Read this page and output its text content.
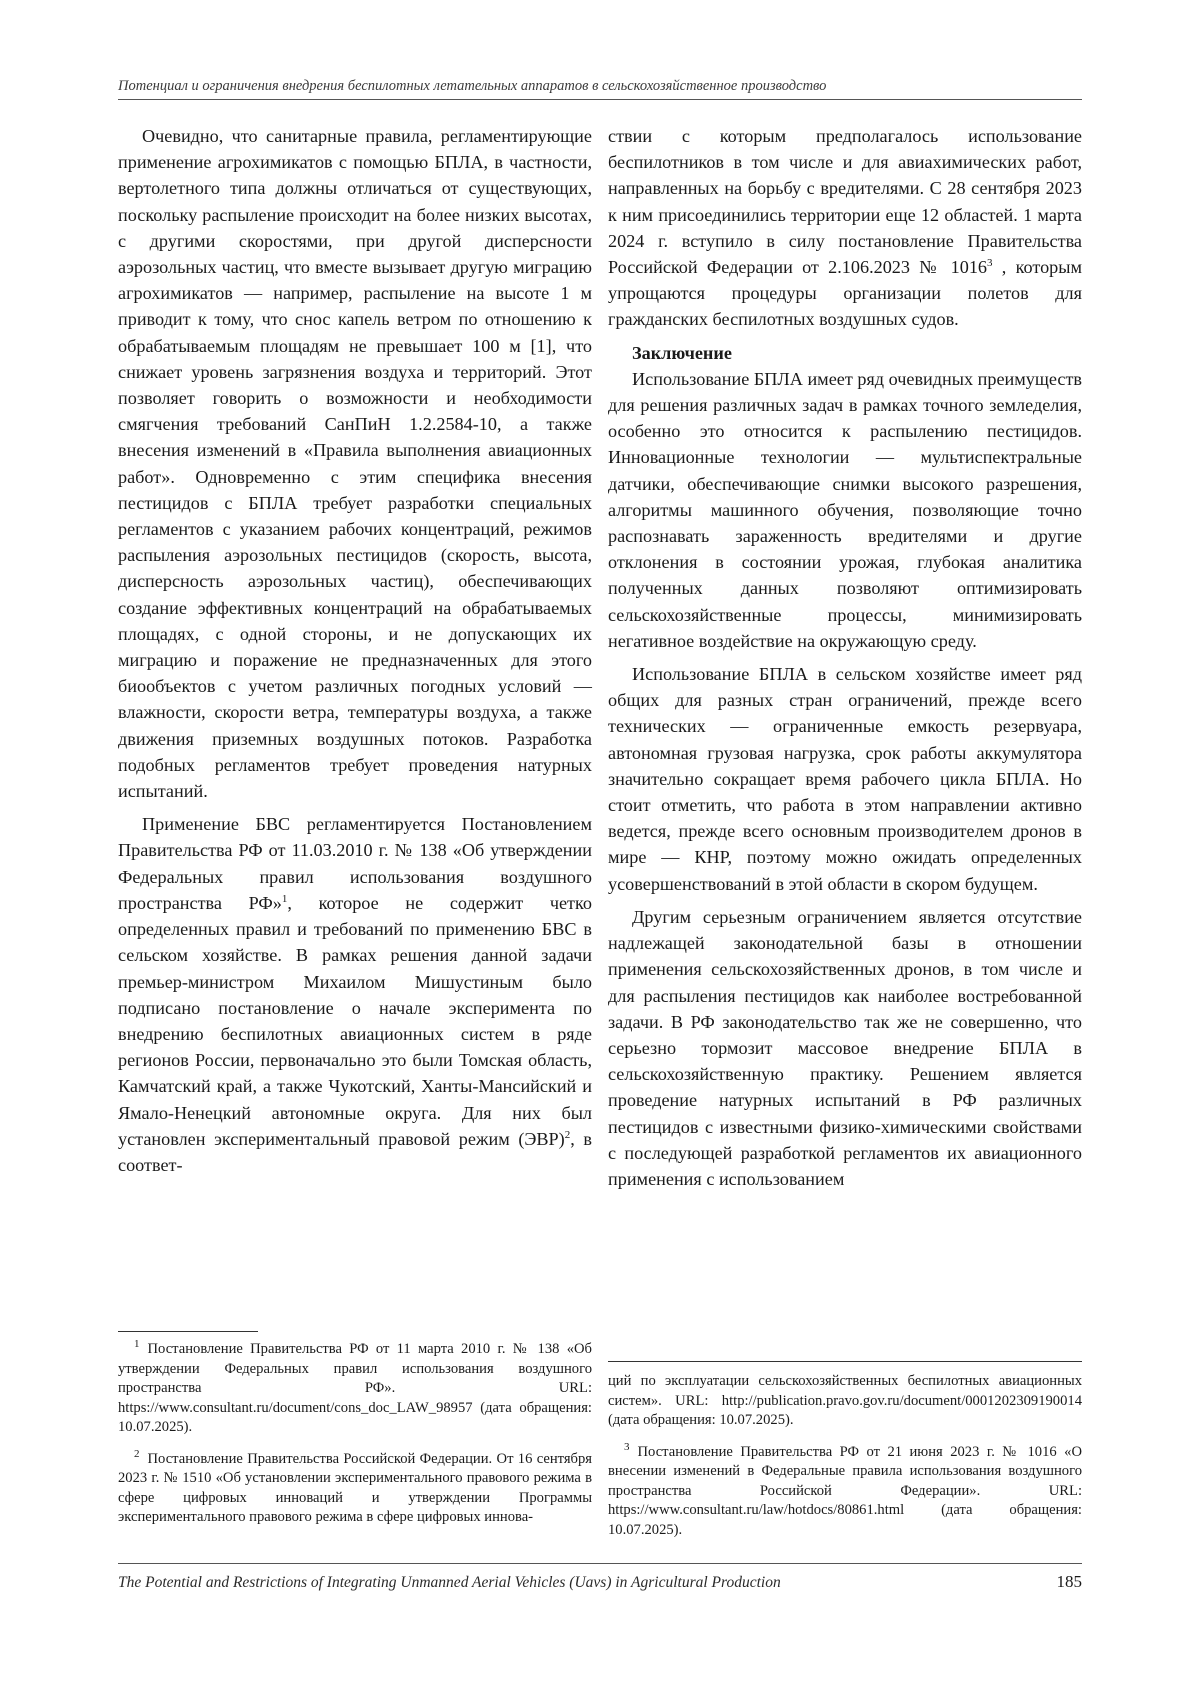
Потенциал и ограничения внедрения беспилотных летательных аппаратов в сельскохозяйственное производство

Очевидно, что санитарные правила, регламентирующие применение агрохимикатов с помощью БПЛА, в частности, вертолетного типа должны отличаться от существующих, поскольку распыление происходит на более низких высотах, с другими скоростями, при другой дисперсности аэрозольных частиц, что вместе вызывает другую миграцию агрохимикатов — например, распыление на высоте 1 м приводит к тому, что снос капель ветром по отношению к обрабатываемым площадям не превышает 100 м [1], что снижает уровень загрязнения воздуха и территорий. Этот позволяет говорить о возможности и необходимости смягчения требований СанПиН 1.2.2584-10, а также внесения изменений в «Правила выполнения авиационных работ». Одновременно с этим специфика внесения пестицидов с БПЛА требует разработки специальных регламентов с указанием рабочих концентраций, режимов распыления аэрозольных пестицидов (скорость, высота, дисперсность аэрозольных частиц), обеспечивающих создание эффективных концентраций на обрабатываемых площадях, с одной стороны, и не допускающих их миграцию и поражение не предназначенных для этого биообъектов с учетом различных погодных условий — влажности, скорости ветра, температуры воздуха, а также движения приземных воздушных потоков. Разработка подобных регламентов требует проведения натурных испытаний.

Применение БВС регламентируется Постановлением Правительства РФ от 11.03.2010 г. № 138 «Об утверждении Федеральных правил использования воздушного пространства РФ»$^1$, которое не содержит четко определенных правил и требований по применению БВС в сельском хозяйстве. В рамках решения данной задачи премьер-министром Михаилом Мишустиным было подписано постановление о начале эксперимента по внедрению беспилотных авиационных систем в ряде регионов России, первоначально это были Томская область, Камчатский край, а также Чукотский, Ханты-Мансийский и Ямало-Ненецкий автономные округа. Для них был установлен экспериментальный правовой режим (ЭВР)$^2$, в соответ-

ствии с которым предполагалось использование беспилотников в том числе и для авиахимических работ, направленных на борьбу с вредителями. С 28 сентября 2023 к ним присоединились территории еще 12 областей. 1 марта 2024 г. вступило в силу постановление Правительства Российской Федерации от 2.106.2023 № 1016$^3$ , которым упрощаются процедуры организации полетов для гражданских беспилотных воздушных судов.

Заключение

Использование БПЛА имеет ряд очевидных преимуществ для решения различных задач в рамках точного земледелия, особенно это относится к распылению пестицидов. Инновационные технологии — мультиспектральные датчики, обеспечивающие снимки высокого разрешения, алгоритмы машинного обучения, позволяющие точно распознавать зараженность вредителями и другие отклонения в состоянии урожая, глубокая аналитика полученных данных позволяют оптимизировать сельскохозяйственные процессы, минимизировать негативное воздействие на окружающую среду.

Использование БПЛА в сельском хозяйстве имеет ряд общих для разных стран ограничений, прежде всего технических — ограниченные емкость резервуара, автономная грузовая нагрузка, срок работы аккумулятора значительно сокращает время рабочего цикла БПЛА. Но стоит отметить, что работа в этом направлении активно ведется, прежде всего основным производителем дронов в мире — КНР, поэтому можно ожидать определенных усовершенствований в этой области в скором будущем.

Другим серьезным ограничением является отсутствие надлежащей законодательной базы в отношении применения сельскохозяйственных дронов, в том числе и для распыления пестицидов как наиболее востребованной задачи. В РФ законодательство так же не совершенно, что серьезно тормозит массовое внедрение БПЛА в сельскохозяйственную практику. Решением является проведение натурных испытаний в РФ различных пестицидов с известными физико-химическими свойствами с последующей разработкой регламентов их авиационного применения с использованием

$^1$ Постановление Правительства РФ от 11 марта 2010 г. № 138 «Об утверждении Федеральных правил использования воздушного пространства РФ». URL: https://www.consultant.ru/document/cons_doc_LAW_98957 (дата обращения: 10.07.2025).

$^2$ Постановление Правительства Российской Федерации. От 16 сентября 2023 г. № 1510 «Об установлении экспериментального правового режима в сфере цифровых инноваций и утверждении Программы экспериментального правового режима в сфере цифровых иннова-

ций по эксплуатации сельскохозяйственных беспилотных авиационных систем». URL: http://publication.pravo.gov.ru/document/0001202309190014 (дата обращения: 10.07.2025).

$^3$ Постановление Правительства РФ от 21 июня 2023 г. № 1016 «О внесении изменений в Федеральные правила использования воздушного пространства Российской Федерации». URL: https://www.consultant.ru/law/hotdocs/80861.html (дата обращения: 10.07.2025).

The Potential and Restrictions of Integrating Unmanned Aerial Vehicles (Uavs) in Agricultural Production	185
